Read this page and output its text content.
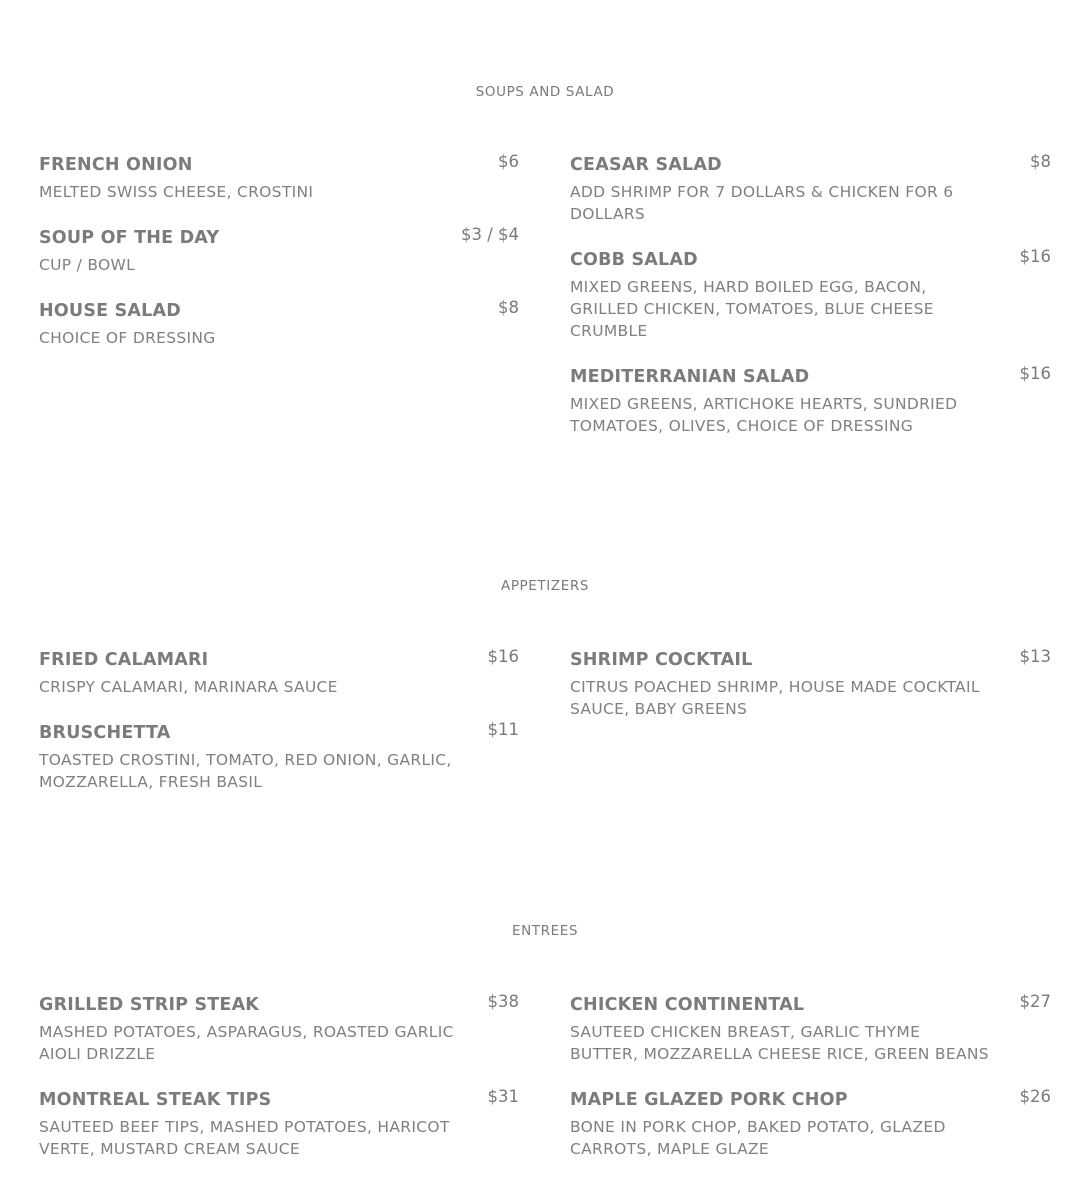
SOUPS AND SALAD
FRENCH ONION	$6
MELTED SWISS CHEESE, CROSTINI
SOUP OF THE DAY	$3 / $4
CUP / BOWL
HOUSE SALAD	$8
CHOICE OF DRESSING
CEASAR SALAD	$8
ADD SHRIMP FOR 7 DOLLARS & CHICKEN FOR 6 DOLLARS
COBB SALAD	$16
MIXED GREENS, HARD BOILED EGG, BACON, GRILLED CHICKEN, TOMATOES, BLUE CHEESE CRUMBLE
MEDITERRANIAN SALAD	$16
MIXED GREENS, ARTICHOKE HEARTS, SUNDRIED TOMATOES, OLIVES, CHOICE OF DRESSING
APPETIZERS
FRIED CALAMARI	$16
CRISPY CALAMARI, MARINARA SAUCE
BRUSCHETTA	$11
TOASTED CROSTINI, TOMATO, RED ONION, GARLIC, MOZZARELLA, FRESH BASIL
SHRIMP COCKTAIL	$13
CITRUS POACHED SHRIMP, HOUSE MADE COCKTAIL SAUCE, BABY GREENS
ENTREES
GRILLED STRIP STEAK	$38
MASHED POTATOES, ASPARAGUS, ROASTED GARLIC AIOLI DRIZZLE
MONTREAL STEAK TIPS	$31
SAUTEED BEEF TIPS, MASHED POTATOES, HARICOT VERTE, MUSTARD CREAM SAUCE
CHICKEN CONTINENTAL	$27
SAUTEED CHICKEN BREAST, GARLIC THYME BUTTER, MOZZARELLA CHEESE RICE, GREEN BEANS
MAPLE GLAZED PORK CHOP	$26
BONE IN PORK CHOP, BAKED POTATO, GLAZED CARROTS, MAPLE GLAZE
